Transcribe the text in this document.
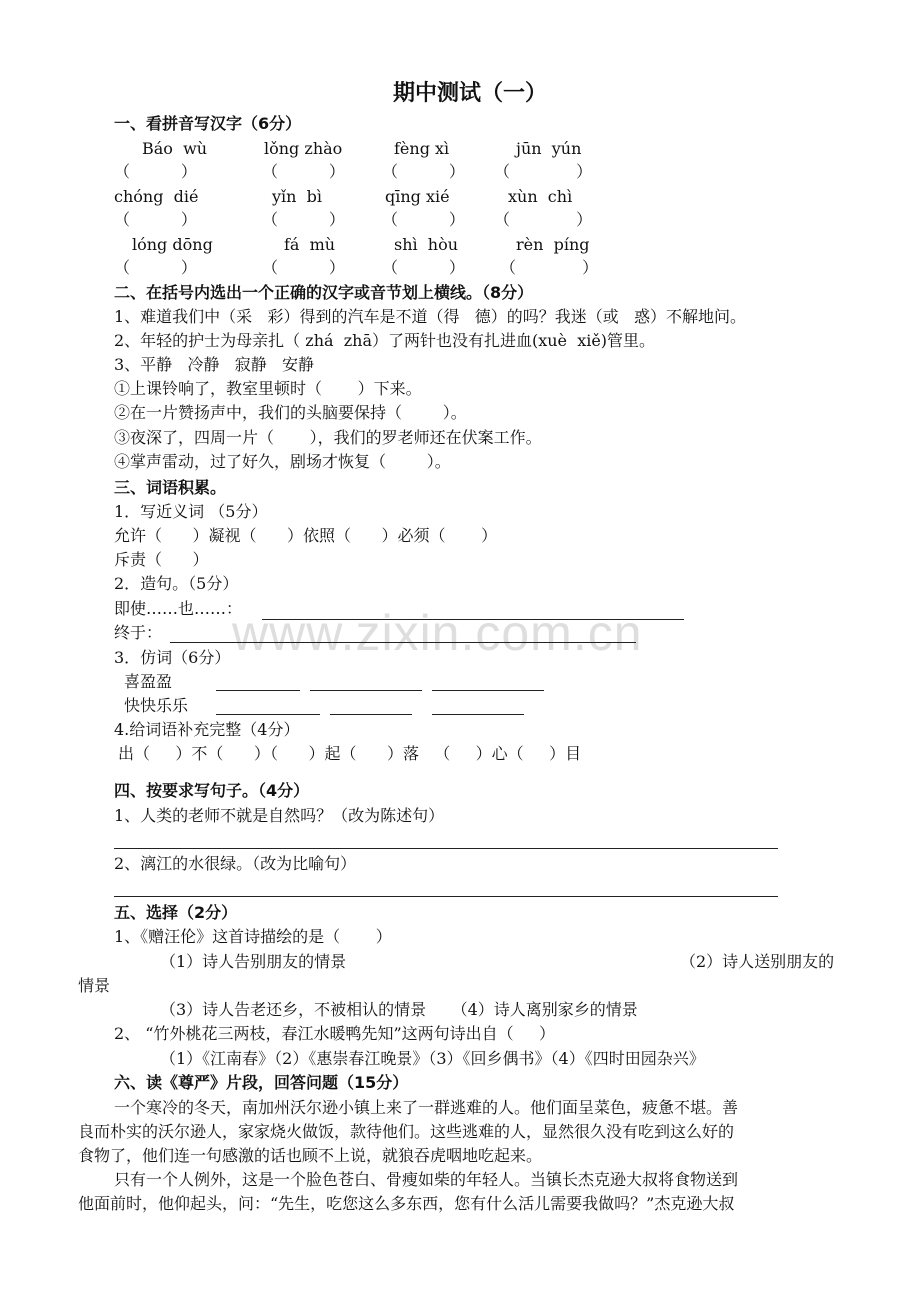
www.zixin.com.cn
期中测试（一）
一、看拼音写汉字（6分）
Báo  wù	lǒng zhào	fèng xì	jūn  yún
（          ）	（          ） （          ） （             ）
chóng  dié	yǐn  bì	qīng xié	xùn  chì
（          ）	（          ） （          ） （             ）
lóng dōng	fá  mù	shì  hòu	rèn  píng
（          ）	（          ） （          ） （             ）
二、在括号内选出一个正确的汉字或音节划上横线。（8分）
1、难道我们中（采   彩）得到的汽车是不道（得   德）的吗？我迷（或   惑）不解地问。
2、年轻的护士为母亲扎（ zhá  zhā）了两针也没有扎进血(xuè  xiě)管里。
3、平静   冷静   寂静   安静
①上课铃响了，教室里顿时（       ）下来。
②在一片赞扬声中，我们的头脑要保持（        ）。
③夜深了，四周一片（       ），我们的罗老师还在伏案工作。
④掌声雷动，过了好久，剧场才恢复（        ）。
三、词语积累。
1．写近义词 （5分）
允许（      ）凝视（      ）依照（      ）必须（       ）
斥责（      ）
2．造句。（5分）
即使……也……：
终于：
3．仿词（6分）
喜盈盈
快快乐乐
4.给词语补充完整（4分）
出（     ）不（      ）（      ）起（      ）落   （     ）心（     ）目
四、按要求写句子。（4分）
1、人类的老师不就是自然吗？（改为陈述句）
2、漓江的水很绿。（改为比喻句）
五、选择（2分）
1、《赠汪伦》这首诗描绘的是（       ）
（1）诗人告别朋友的情景	（2）诗人送别朋友的
情景
（3）诗人告老还乡，不被相认的情景     （4）诗人离别家乡的情景
2、 “竹外桃花三两枝，春江水暖鸭先知”这两句诗出自（     ）
（1）《江南春》（2）《惠崇春江晚景》（3）《回乡偶书》（4）《四时田园杂兴》
六、读《尊严》片段，回答问题（15分）
一个寒冷的冬天，南加州沃尔逊小镇上来了一群逃难的人。他们面呈菜色，疲惫不堪。善
良而朴实的沃尔逊人，家家烧火做饭，款待他们。这些逃难的人，显然很久没有吃到这么好的
食物了，他们连一句感激的话也顾不上说，就狼吞虎咽地吃起来。
只有一个人例外，这是一个脸色苍白、骨瘦如柴的年轻人。当镇长杰克逊大叔将食物送到
他面前时，他仰起头，问：“先生，吃您这么多东西，您有什么活儿需要我做吗？”杰克逊大叔
